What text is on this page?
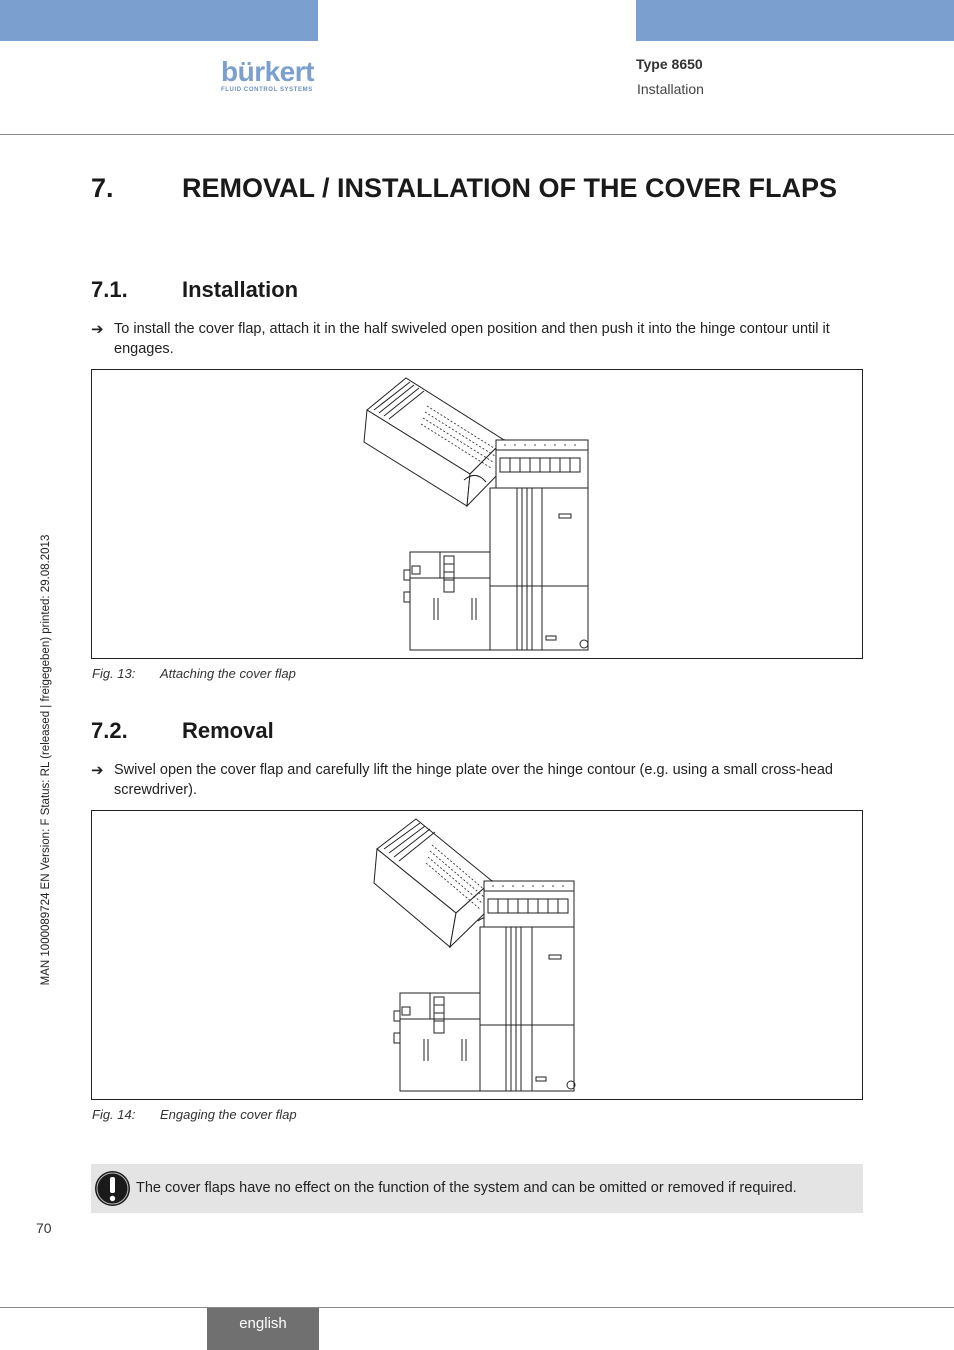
bürkert
FLUID CONTROL SYSTEMS
Type 8650
Installation
7.	REMOVAL / INSTALLATION OF THE COVER FLAPS
7.1. Installation
➔ To install the cover flap, attach it in the half swiveled open position and then push it into the hinge contour until it engages.
Fig. 13: Attaching the cover flap
7.2. Removal
➔ Swivel open the cover flap and carefully lift the hinge plate over the hinge contour (e.g. using a small cross-head screwdriver).
Fig. 14: Engaging the cover flap
The cover flaps have no effect on the function of the system and can be omitted or removed if required.
MAN 1000089724 EN Version: F Status: RL (released | freigegeben) printed: 29.08.2013
70
english
